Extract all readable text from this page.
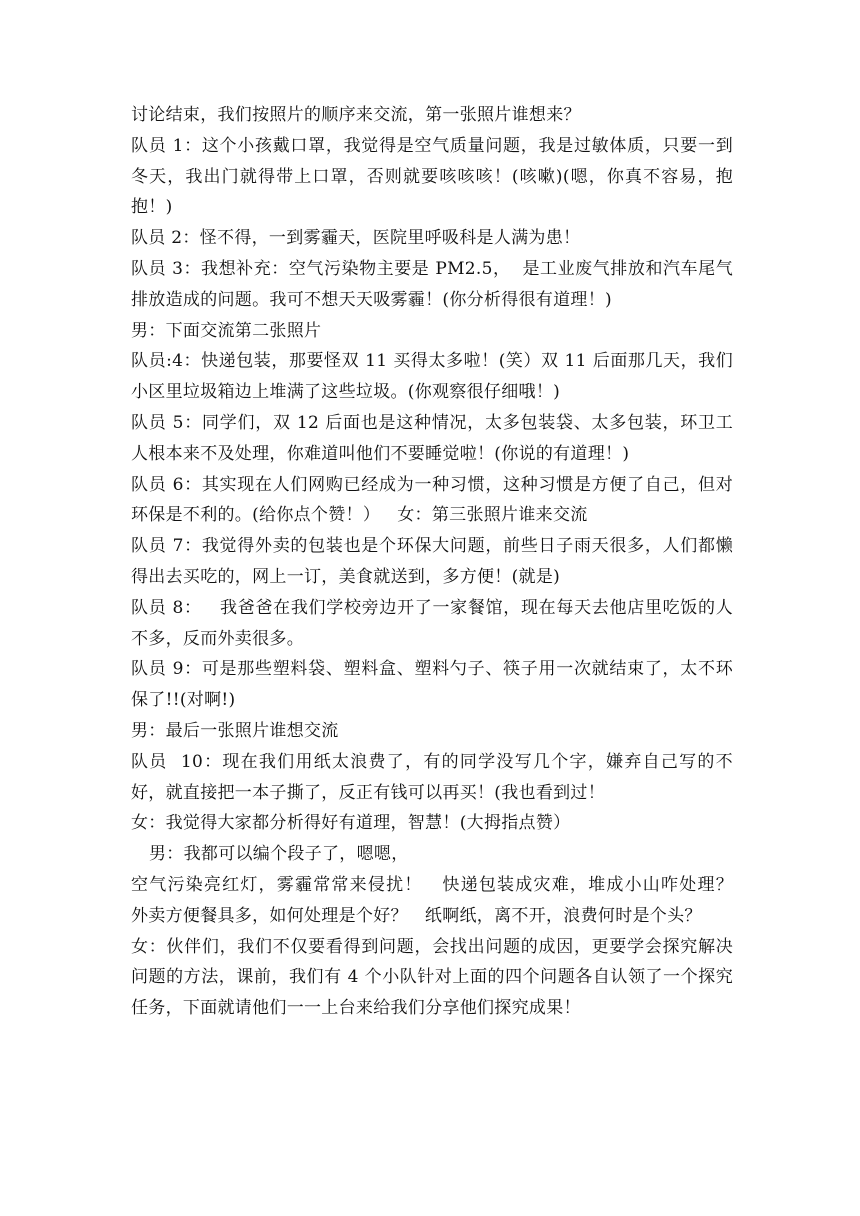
讨论结束，我们按照片的顺序来交流，第一张照片谁想来？

队员 1：这个小孩戴口罩，我觉得是空气质量问题，我是过敏体质，只要一到冬天，我出门就得带上口罩，否则就要咳咳咳！(咳嗽)(嗯，你真不容易，抱抱！)

队员 2：怪不得，一到雾霾天，医院里呼吸科是人满为患！

队员 3：我想补充：空气污染物主要是 PM2.5，  是工业废气排放和汽车尾气排放造成的问题。我可不想天天吸雾霾！(你分析得很有道理！)

男：下面交流第二张照片

队员:4：快递包装，那要怪双 11 买得太多啦！(笑）双 11 后面那几天，我们小区里垃圾箱边上堆满了这些垃圾。(你观察很仔细哦！)

队员 5：同学们，双 12 后面也是这种情况，太多包装袋、太多包装，环卫工人根本来不及处理，你难道叫他们不要睡觉啦！(你说的有道理！)

队员 6：其实现在人们网购已经成为一种习惯，这种习惯是方便了自己，但对环保是不利的。(给你点个赞！）   女：第三张照片谁来交流

队员 7：我觉得外卖的包装也是个环保大问题，前些日子雨天很多，人们都懒得出去买吃的，网上一订，美食就送到，多方便！(就是)

队员 8：   我爸爸在我们学校旁边开了一家餐馆，现在每天去他店里吃饭的人不多，反而外卖很多。

队员 9：可是那些塑料袋、塑料盒、塑料勺子、筷子用一次就结束了，太不环保了!!(对啊!)

男：最后一张照片谁想交流

队员  10：现在我们用纸太浪费了，有的同学没写几个字，嫌弃自己写的不好，就直接把一本子撕了，反正有钱可以再买！(我也看到过！

女：我觉得大家都分析得好有道理，智慧！(大拇指点赞）

男：我都可以编个段子了，嗯嗯，

空气污染亮红灯，雾霾常常来侵扰！   快递包装成灾难，堆成小山咋处理？   外卖方便餐具多，如何处理是个好？   纸啊纸，离不开，浪费何时是个头？

女：伙伴们，我们不仅要看得到问题，会找出问题的成因，更要学会探究解决问题的方法，课前，我们有 4 个小队针对上面的四个问题各自认领了一个探究任务，下面就请他们一一上台来给我们分享他们探究成果！
